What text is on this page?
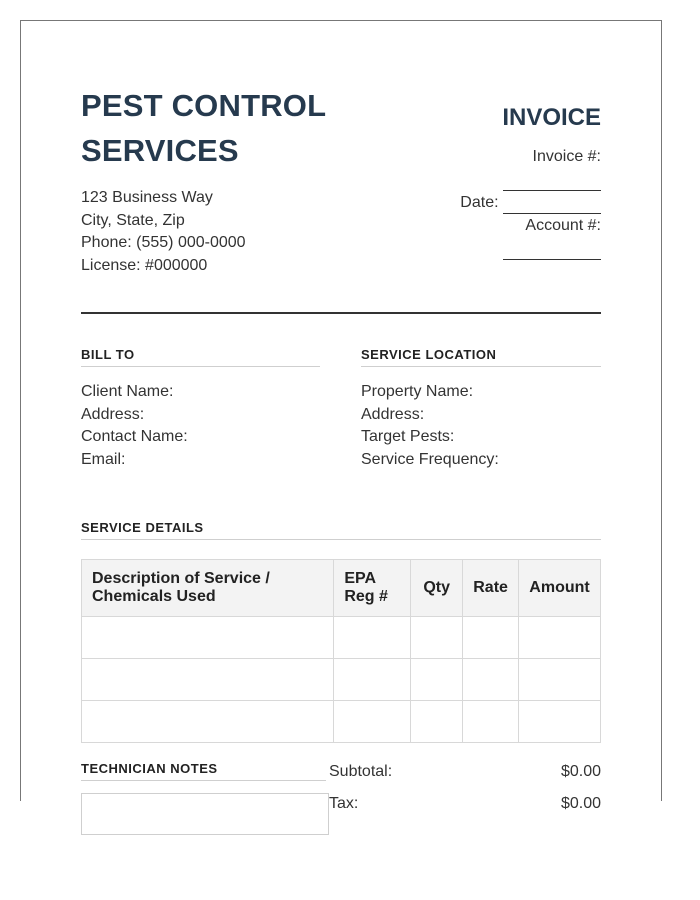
PEST CONTROL SERVICES
123 Business Way
City, State, Zip
Phone: (555) 000-0000
License: #000000
INVOICE
Invoice #:
Date:
Account #:
BILL TO
Client Name:
Address:
Contact Name:
Email:
SERVICE LOCATION
Property Name:
Address:
Target Pests:
Service Frequency:
SERVICE DETAILS
Description of Service / Chemicals Used	EPA Reg #	Qty	Rate	Amount

TECHNICIAN NOTES	Subtotal:	$0.00
Tax:	$0.00
